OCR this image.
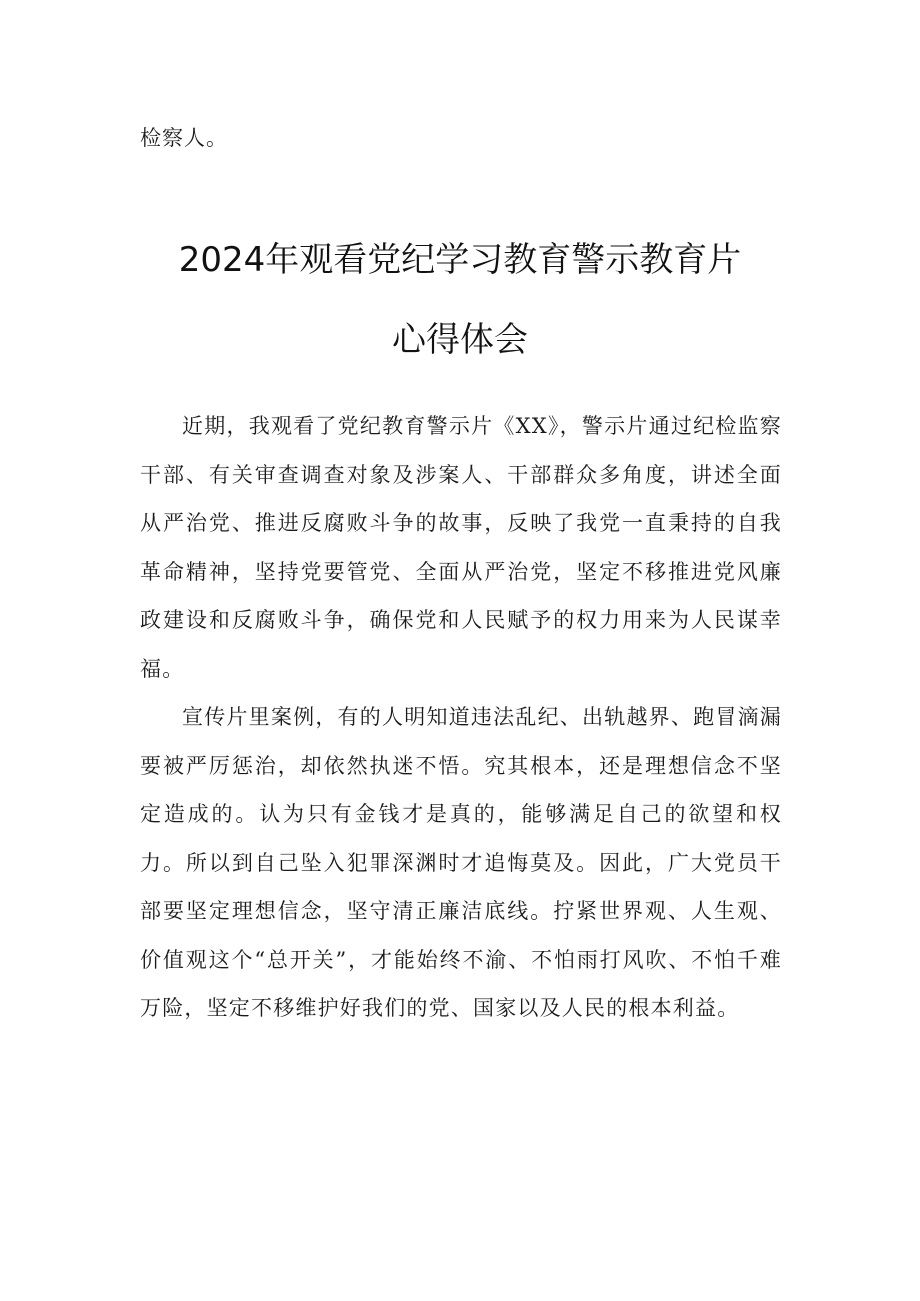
检察人。
2024年观看党纪学习教育警示教育片
心得体会

近期，我观看了党纪教育警示片《XX》，警示片通过纪检监察干部、有关审查调查对象及涉案人、干部群众多角度，讲述全面从严治党、推进反腐败斗争的故事，反映了我党一直秉持的自我革命精神，坚持党要管党、全面从严治党，坚定不移推进党风廉政建设和反腐败斗争，确保党和人民赋予的权力用来为人民谋幸福。

宣传片里案例，有的人明知道违法乱纪、出轨越界、跑冒滴漏要被严厉惩治，却依然执迷不悟。究其根本，还是理想信念不坚定造成的。认为只有金钱才是真的，能够满足自己的欲望和权力。所以到自己坠入犯罪深渊时才追悔莫及。因此，广大党员干部要坚定理想信念，坚守清正廉洁底线。拧紧世界观、人生观、价值观这个“总开关”，才能始终不渝、不怕雨打风吹、不怕千难万险，坚定不移维护好我们的党、国家以及人民的根本利益。
